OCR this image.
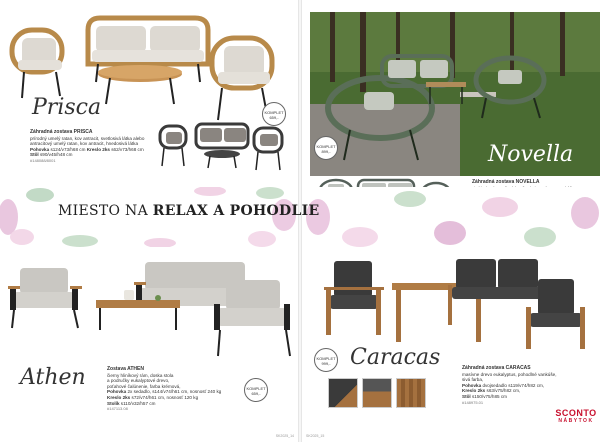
Prisca	KOMPLET 659,-
Záhradná zostava PRISCA
prírodný umelý ratan, kov antracit, svetlosivá látka alebo
antracitový umelý ratan, kov antracit, hnedosivá látka
Pohovka s124/v73/h68 cm Kreslo 2ks s62/v73/h68 cm
Stôl s90/v45/h48 cm
#148088/8001
Athen	Zostava ATHEN
čierny hliníkový rám, doska stola
a područky eukalyptové drevo,
poťahové čalúnenie, farba krémová,
Pohovka 2x sedadlo, s144/v74/h61 cm, nosnosť 240 kg
Kreslo 2ks s72/v74/h61 cm, nosnosť 120 kg
Stolík s110/v32/h57 cm
#147113.08
KOMPLET 659,-
SK2025_14
Novella
KOMPLET 899,-
Záhradná zostava NOVELLA
KOMPLET 999,- Caracas	Záhradná zostava CARACAS
masívne drevo eukalyptus, pohodlné vankúše,
sivá farba,
Pohovka dvojsedadlo s119/v74/h82 cm,
Kreslo 2ks s63/v75/h82 cm,
Stôl s150/v75/h85 cm
#148975.01
SCONTO
NÁBYTOK
SK2025_15
MIESTO NA RELAX A POHODLIE
